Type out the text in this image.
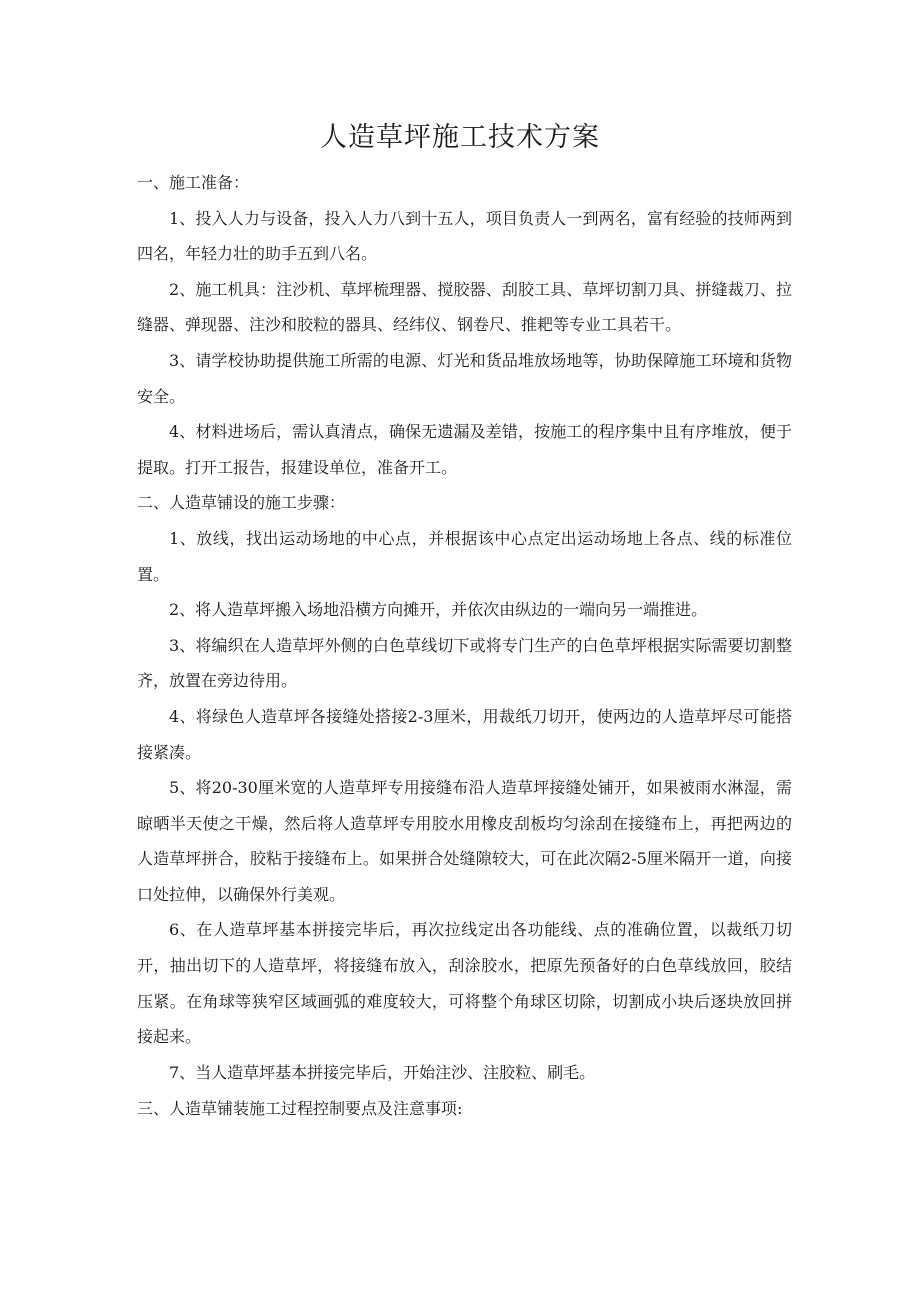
人造草坪施工技术方案

一、施工准备：

1、投入人力与设备，投入人力八到十五人，项目负责人一到两名，富有经验的技师两到四名，年轻力壮的助手五到八名。

2、施工机具：注沙机、草坪梳理器、搅胶器、刮胶工具、草坪切割刀具、拼缝裁刀、拉缝器、弹现器、注沙和胶粒的器具、经纬仪、钢卷尺、推耙等专业工具若干。

3、请学校协助提供施工所需的电源、灯光和货品堆放场地等，协助保障施工环境和货物安全。

4、材料进场后，需认真清点，确保无遗漏及差错，按施工的程序集中且有序堆放，便于提取。打开工报告，报建设单位，准备开工。

二、人造草铺设的施工步骤：

1、放线，找出运动场地的中心点，并根据该中心点定出运动场地上各点、线的标准位置。

2、将人造草坪搬入场地沿横方向摊开，并依次由纵边的一端向另一端推进。

3、将编织在人造草坪外侧的白色草线切下或将专门生产的白色草坪根据实际需要切割整齐，放置在旁边待用。

4、将绿色人造草坪各接缝处搭接2-3厘米，用裁纸刀切开，使两边的人造草坪尽可能搭接紧凑。

5、将20-30厘米宽的人造草坪专用接缝布沿人造草坪接缝处铺开，如果被雨水淋湿，需晾晒半天使之干燥，然后将人造草坪专用胶水用橡皮刮板均匀涂刮在接缝布上，再把两边的人造草坪拼合，胶粘于接缝布上。如果拼合处缝隙较大，可在此次隔2-5厘米隔开一道，向接口处拉伸，以确保外行美观。

6、在人造草坪基本拼接完毕后，再次拉线定出各功能线、点的准确位置，以裁纸刀切开，抽出切下的人造草坪，将接缝布放入，刮涂胶水，把原先预备好的白色草线放回，胶结压紧。在角球等狭窄区域画弧的难度较大，可将整个角球区切除，切割成小块后逐块放回拼接起来。

7、当人造草坪基本拼接完毕后，开始注沙、注胶粒、刷毛。

三、人造草铺装施工过程控制要点及注意事项:
